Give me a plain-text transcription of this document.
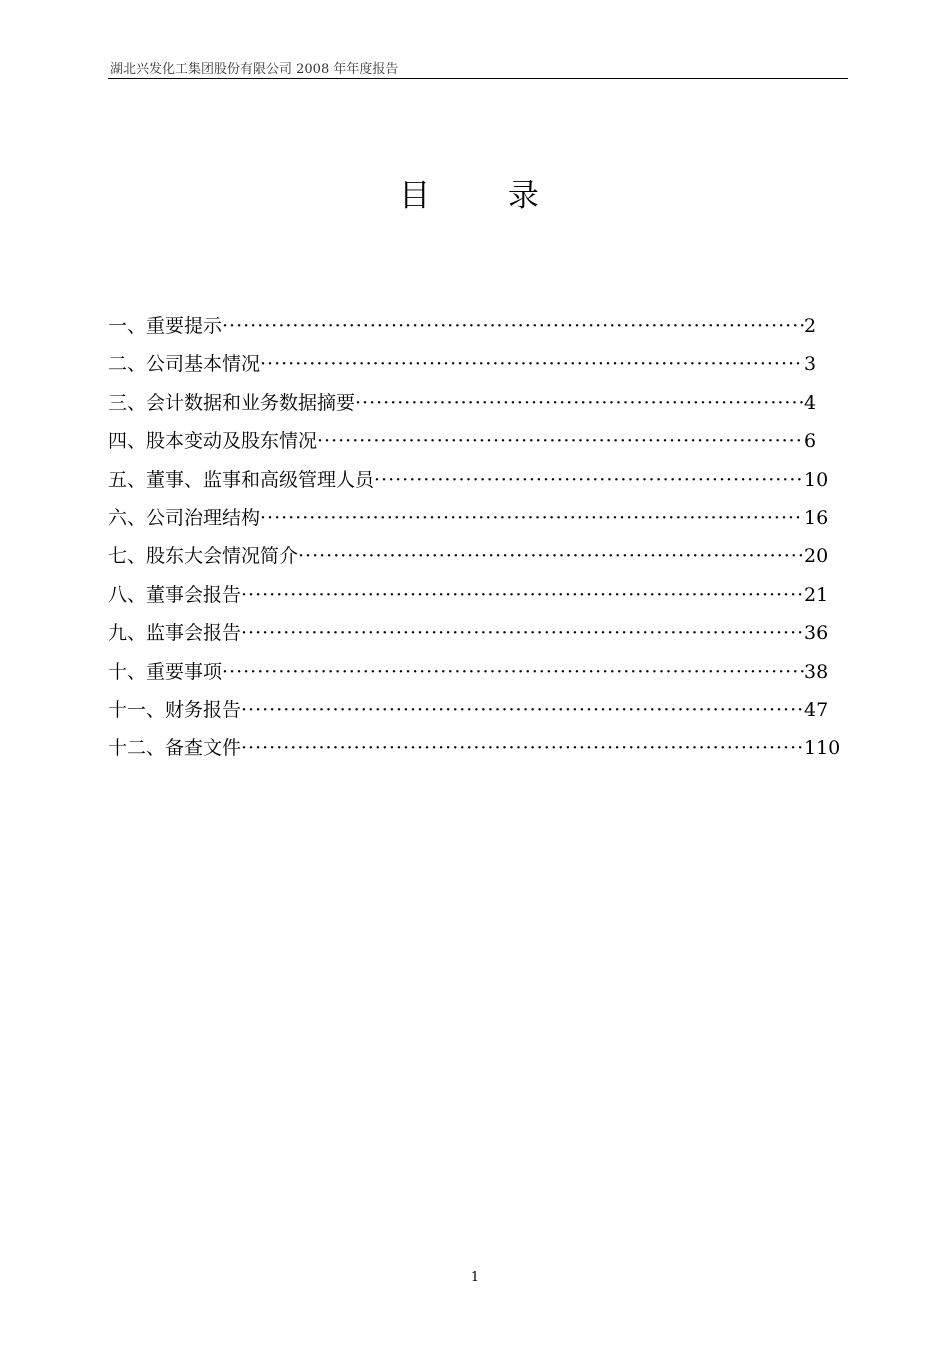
湖北兴发化工集团股份有限公司 2008 年年度报告
目 录
一、重要提示 ·····	2
二、公司基本情况 ·····	3
三、会计数据和业务数据摘要 ·····	4
四、股本变动及股东情况 ·····	6
五、董事、监事和高级管理人员 ·····	10
六、公司治理结构 ·····	16
七、股东大会情况简介 ·····	20
八、董事会报告 ·····	21
九、监事会报告 ·····	36
十、重要事项 ·····	38
十一、财务报告 ·····	47
十二、备查文件 ·····	110
1
